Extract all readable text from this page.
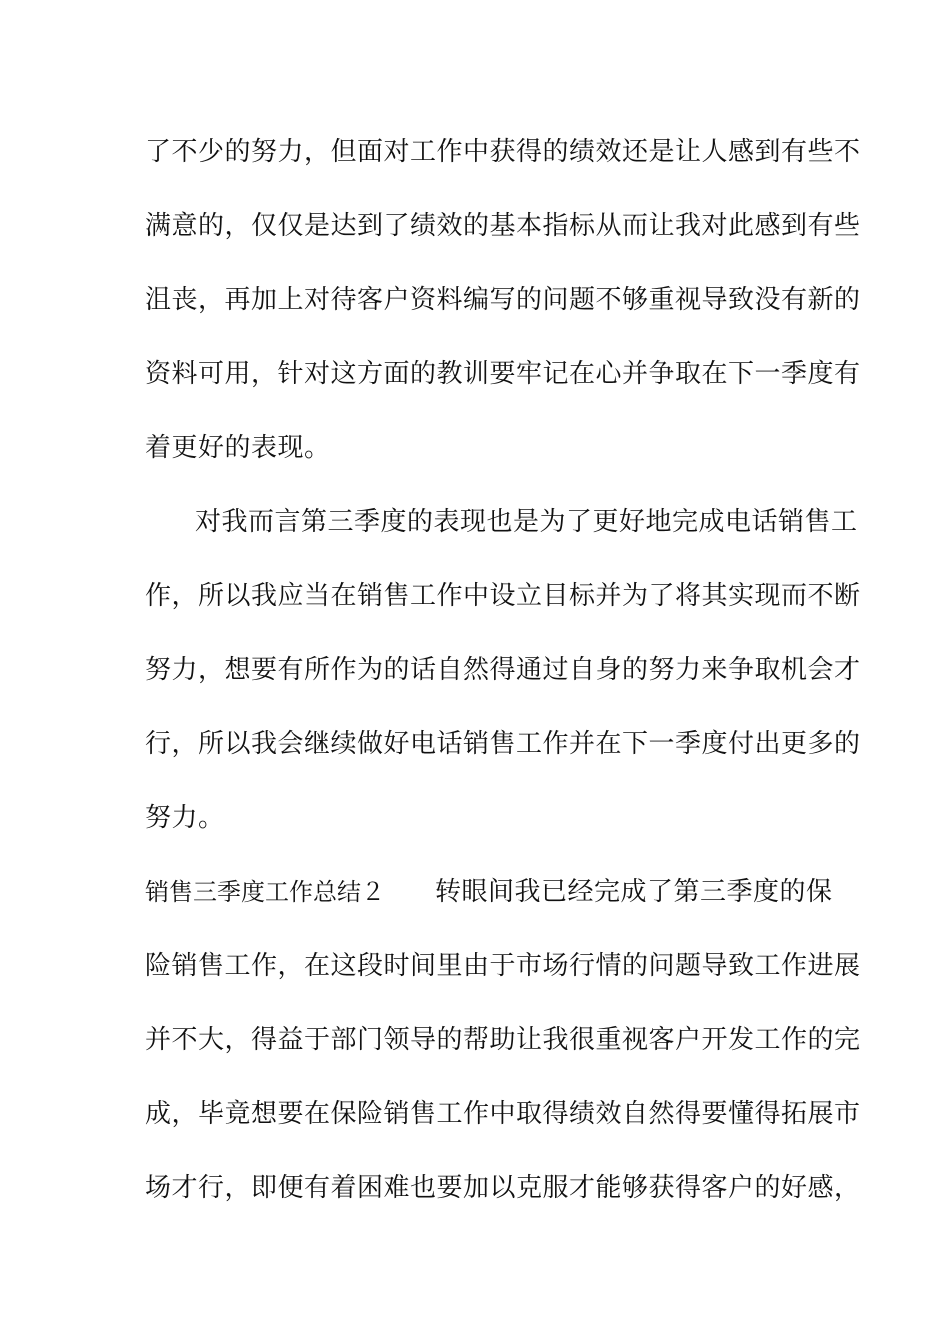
了不少的努力，但面对工作中获得的绩效还是让人感到有些不
满意的，仅仅是达到了绩效的基本指标从而让我对此感到有些
沮丧，再加上对待客户资料编写的问题不够重视导致没有新的
资料可用，针对这方面的教训要牢记在心并争取在下一季度有
着更好的表现。
对我而言第三季度的表现也是为了更好地完成电话销售工
作，所以我应当在销售工作中设立目标并为了将其实现而不断
努力，想要有所作为的话自然得通过自身的努力来争取机会才
行，所以我会继续做好电话销售工作并在下一季度付出更多的
努力。
销售三季度工作总结２ 转眼间我已经完成了第三季度的保
险销售工作，在这段时间里由于市场行情的问题导致工作进展
并不大，得益于部门领导的帮助让我很重视客户开发工作的完
成，毕竟想要在保险销售工作中取得绩效自然得要懂得拓展市
场才行，即便有着困难也要加以克服才能够获得客户的好感，
